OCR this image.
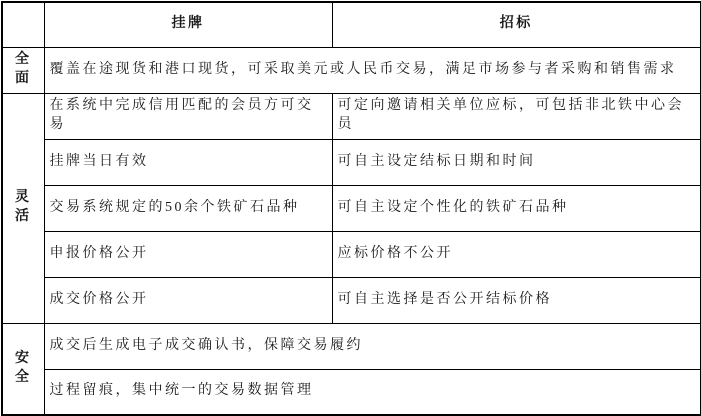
	挂牌	招标
全面	覆盖在途现货和港口现货，可采取美元或人民币交易，满足市场参与者采购和销售需求	
灵活	在系统中完成信用匹配的会员方可交易	可定向邀请相关单位应标，可包括非北铁中心会员
	挂牌当日有效	可自主设定结标日期和时间
	交易系统规定的50余个铁矿石品种	可自主设定个性化的铁矿石品种
	申报价格公开	应标价格不公开
	成交价格公开	可自主选择是否公开结标价格
安全	成交后生成电子成交确认书，保障交易履约	
	过程留痕，集中统一的交易数据管理	
